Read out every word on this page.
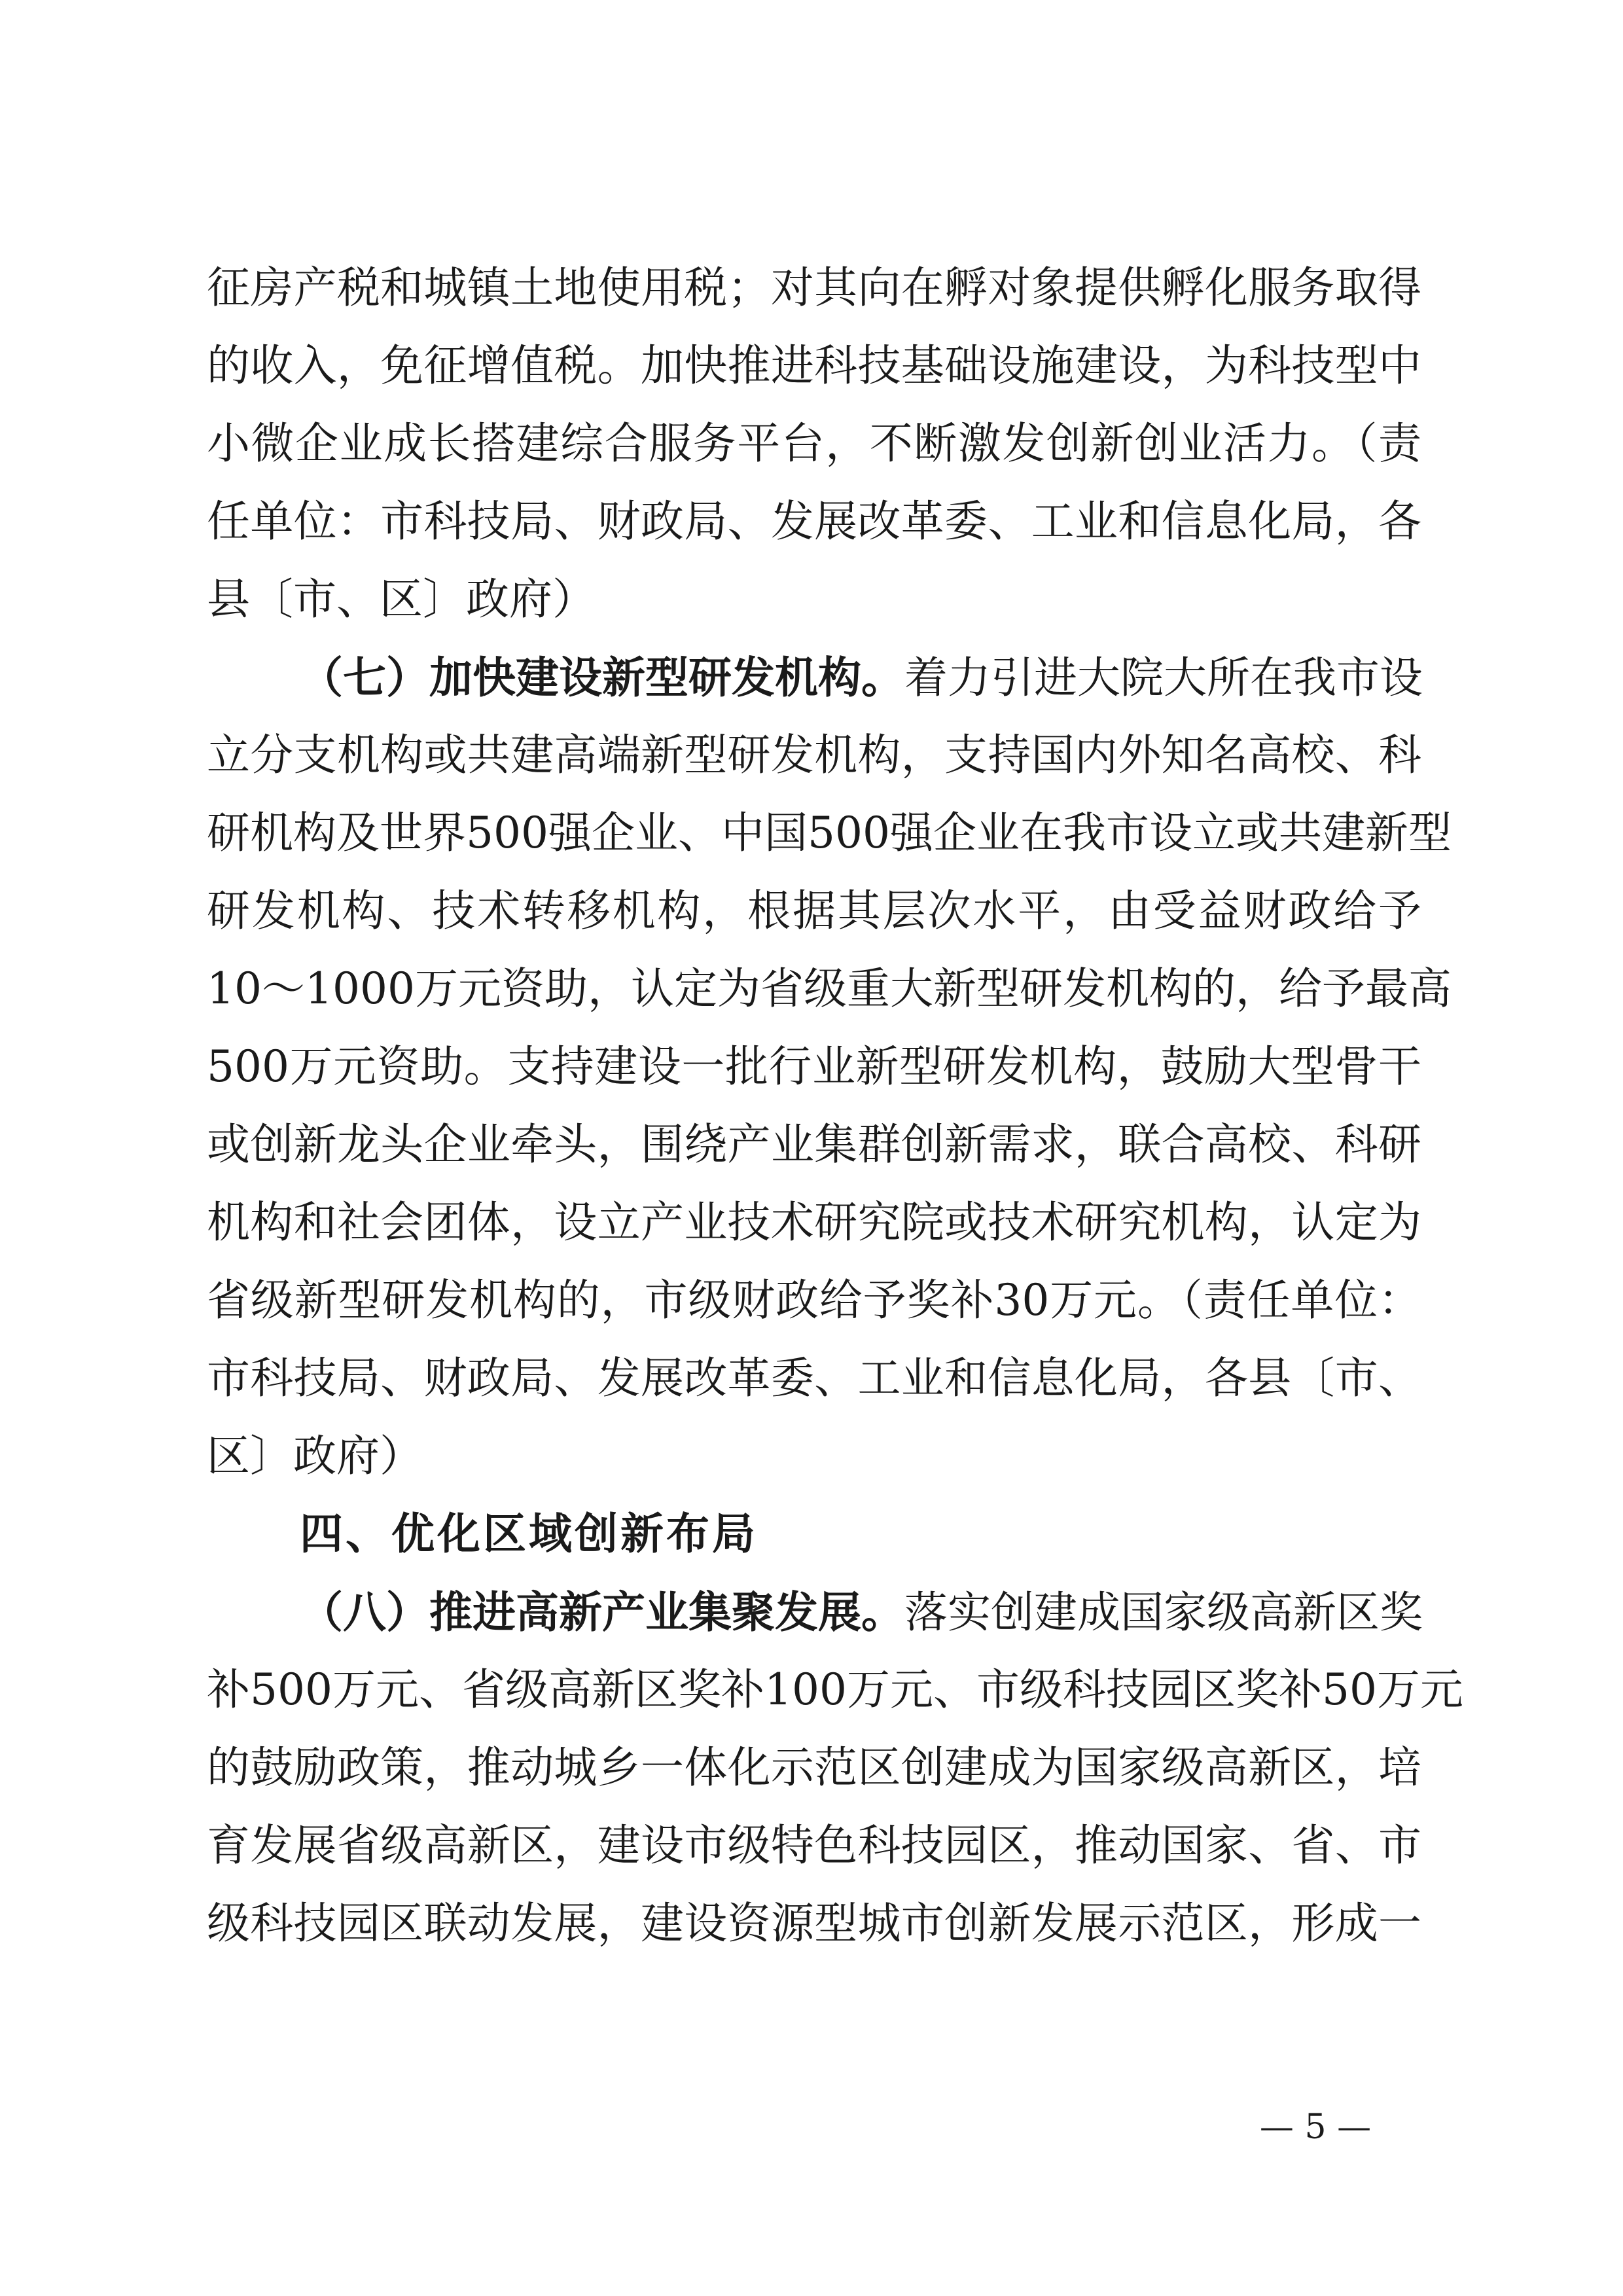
征房产税和城镇土地使用税；对其向在孵对象提供孵化服务取得
的收入，免征增值税。加快推进科技基础设施建设，为科技型中
小微企业成长搭建综合服务平台，不断激发创新创业活力。（责
任单位：市科技局、财政局、发展改革委、工业和信息化局，各
县〔市、区〕政府）
（七）加快建设新型研发机构。着力引进大院大所在我市设
立分支机构或共建高端新型研发机构，支持国内外知名高校、科
研机构及世界500强企业、中国500强企业在我市设立或共建新型
研发机构、技术转移机构，根据其层次水平，由受益财政给予
10～1000万元资助，认定为省级重大新型研发机构的，给予最高
500万元资助。支持建设一批行业新型研发机构，鼓励大型骨干
或创新龙头企业牵头，围绕产业集群创新需求，联合高校、科研
机构和社会团体，设立产业技术研究院或技术研究机构，认定为
省级新型研发机构的，市级财政给予奖补30万元。（责任单位：
市科技局、财政局、发展改革委、工业和信息化局，各县〔市、
区〕政府）
四、优化区域创新布局
（八）推进高新产业集聚发展。落实创建成国家级高新区奖
补500万元、省级高新区奖补100万元、市级科技园区奖补50万元
的鼓励政策，推动城乡一体化示范区创建成为国家级高新区，培
育发展省级高新区，建设市级特色科技园区，推动国家、省、市
级科技园区联动发展，建设资源型城市创新发展示范区，形成一
— 5 —
